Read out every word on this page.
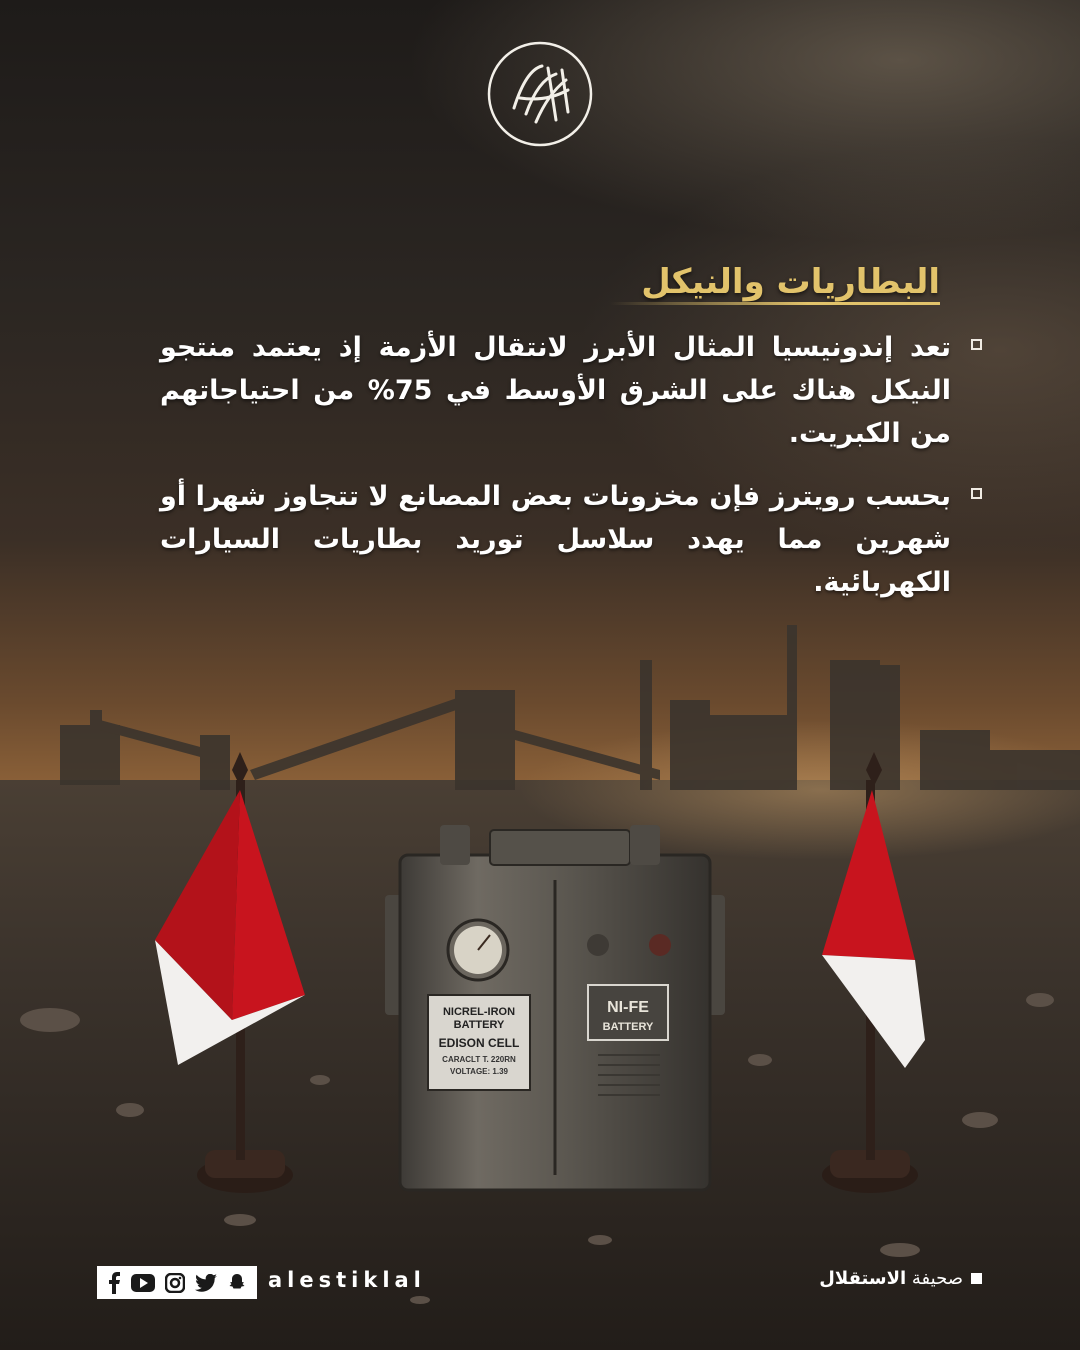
NICREL-IRON
BATTERY
EDISON CELL
CARACLT T. 220RN
VOLTAGE: 1.39
NI-FE
BATTERY
البطاريات والنيكل
تعد إندونيسيا المثال الأبرز لانتقال الأزمة إذ يعتمد منتجو النيكل هناك على الشرق الأوسط في 75% من احتياجاتهم من الكبريت.
بحسب رويترز فإن مخزونات بعض المصانع لا تتجاوز شهرا أو شهرين مما يهدد سلاسل توريد بطاريات السيارات الكهربائية.
alestiklal	صحيفة

الاستقلال
